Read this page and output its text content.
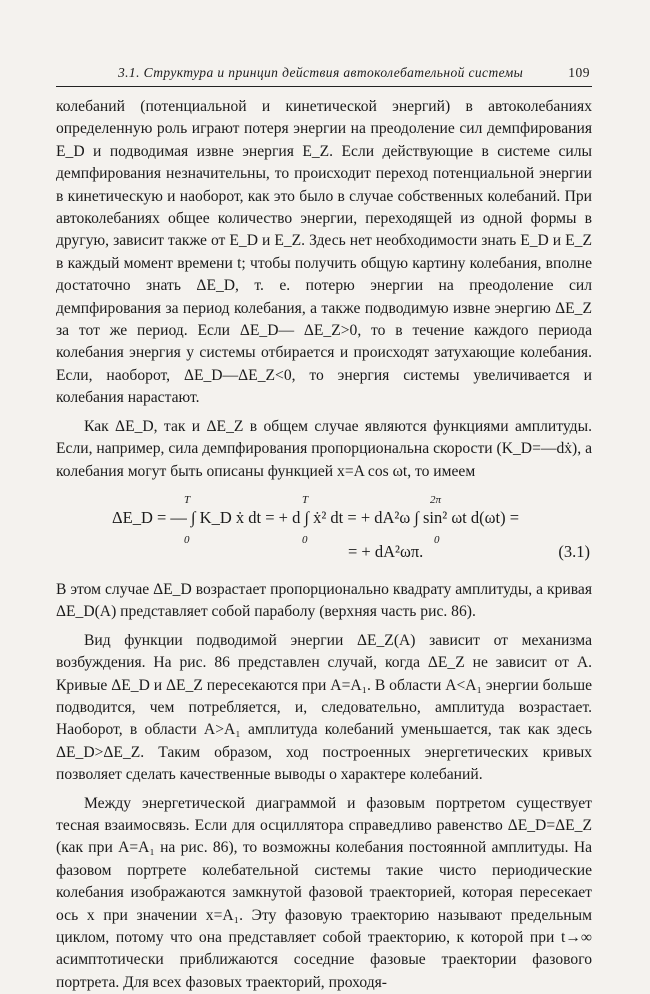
3.1. Структура и принцип действия автоколебательной системы	109

колебаний (потенциальной и кинетической энергий) в автоколебаниях определенную роль играют потеря энергии на преодоление сил демпфирования E_D и подводимая извне энергия E_Z. Если действующие в системе силы демпфирования незначительны, то происходит переход потенциальной энергии в кинетическую и наоборот, как это было в случае собственных колебаний. При автоколебаниях общее количество энергии, переходящей из одной формы в другую, зависит также от E_D и E_Z. Здесь нет необходимости знать E_D и E_Z в каждый момент времени t; чтобы получить общую картину колебания, вполне достаточно знать ΔE_D, т. е. потерю энергии на преодоление сил демпфирования за период колебания, а также подводимую извне энергию ΔE_Z за тот же период. Если ΔE_D— ΔE_Z>0, то в течение каждого периода колебания энергия у системы отбирается и происходят затухающие колебания. Если, наоборот, ΔE_D—ΔE_Z<0, то энергия системы увеличивается и колебания нарастают.

Как ΔE_D, так и ΔE_Z в общем случае являются функциями амплитуды. Если, например, сила демпфирования пропорциональна скорости (K_D=—dẋ), а колебания могут быть описаны функцией x=A cos ωt, то имеем

T	T	2π
ΔE_D = — ∫ K_D ẋ dt = + d ∫ ẋ² dt = + dA²ω ∫ sin² ωt d(ωt) =
0	0	0
= + dA²ωπ.	(3.1)

В этом случае ΔE_D возрастает пропорционально квадрату амплитуды, а кривая ΔE_D(A) представляет собой параболу (верхняя часть рис. 86).

Вид функции подводимой энергии ΔE_Z(A) зависит от механизма возбуждения. На рис. 86 представлен случай, когда ΔE_Z не зависит от A. Кривые ΔE_D и ΔE_Z пересекаются при A=A₁. В области A<A₁ энергии больше подводится, чем потребляется, и, следовательно, амплитуда возрастает. Наоборот, в области A>A₁ амплитуда колебаний уменьшается, так как здесь ΔE_D>ΔE_Z. Таким образом, ход построенных энергетических кривых позволяет сделать качественные выводы о характере колебаний.

Между энергетической диаграммой и фазовым портретом существует тесная взаимосвязь. Если для осциллятора справедливо равенство ΔE_D=ΔE_Z (как при A=A₁ на рис. 86), то возможны колебания постоянной амплитуды. На фазовом портрете колебательной системы такие чисто периодические колебания изображаются замкнутой фазовой траекторией, которая пересекает ось x при значении x=A₁. Эту фазовую траекторию называют предельным циклом, потому что она представляет собой траекторию, к которой при t→∞ асимптотически приближаются соседние фазовые траектории фазового портрета. Для всех фазовых траекторий, проходя-
